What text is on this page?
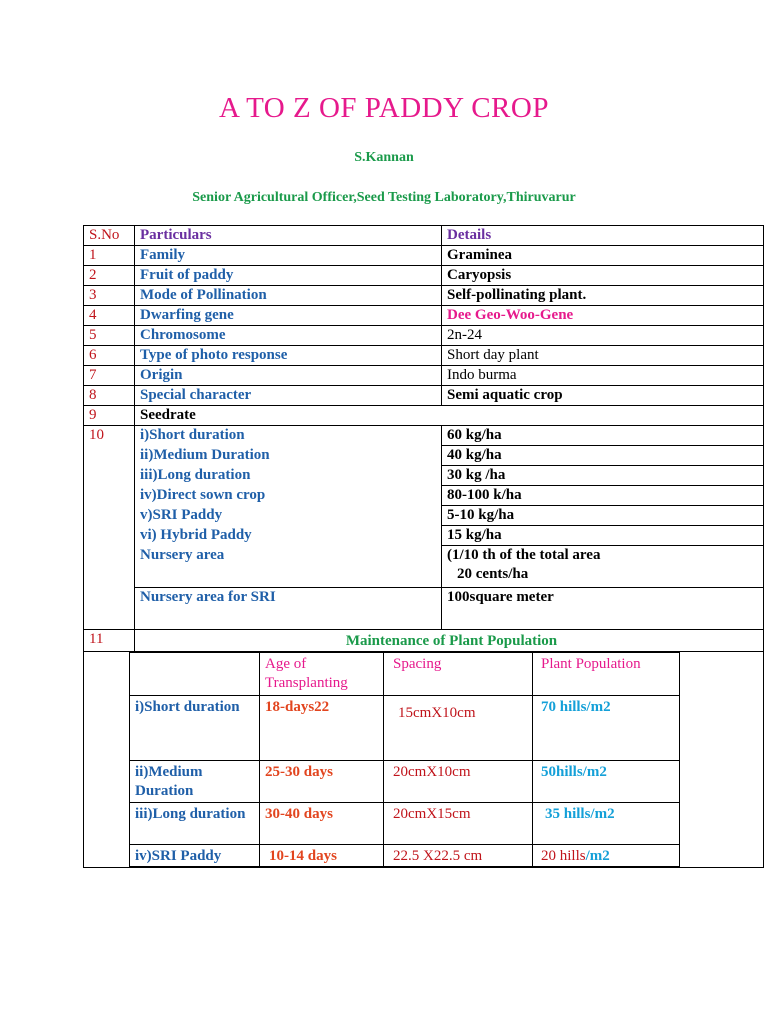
A TO Z OF PADDY CROP
S.Kannan
Senior Agricultural Officer,Seed Testing Laboratory,Thiruvarur
S.No	Particulars	Details
1	Family	Graminea
2	Fruit of paddy	Caryopsis
3	Mode of Pollination	Self-pollinating plant.
4	Dwarfing gene	Dee Geo-Woo-Gene
5	Chromosome	2n-24
6	Type of photo response	Short day plant
7	Origin	Indo burma
8	Special character	Semi aquatic crop
9	Seedrate
10	i)Short duration	60 kg/ha
ii)Medium Duration	40 kg/ha
iii)Long duration	30 kg /ha
iv)Direct sown crop	80-100 k/ha
v)SRI Paddy	5-10 kg/ha
vi) Hybrid Paddy	15 kg/ha
Nursery area	(1/10 th of the total area
20 cents/ha

Nursery area for SRI	100square meter
11	Maintenance of Plant Population

	Age of Transplanting	Spacing	Plant Population	
i)Short duration	18-days22	15cmX10cm	70 hills/m2	
ii)Medium Duration	25-30 days	20cmX10cm	50hills/m2	
iii)Long duration	30-40 days	20cmX15cm	35 hills/m2	
iv)SRI Paddy	10-14 days	22.5 X22.5 cm	20 hills/m2	
